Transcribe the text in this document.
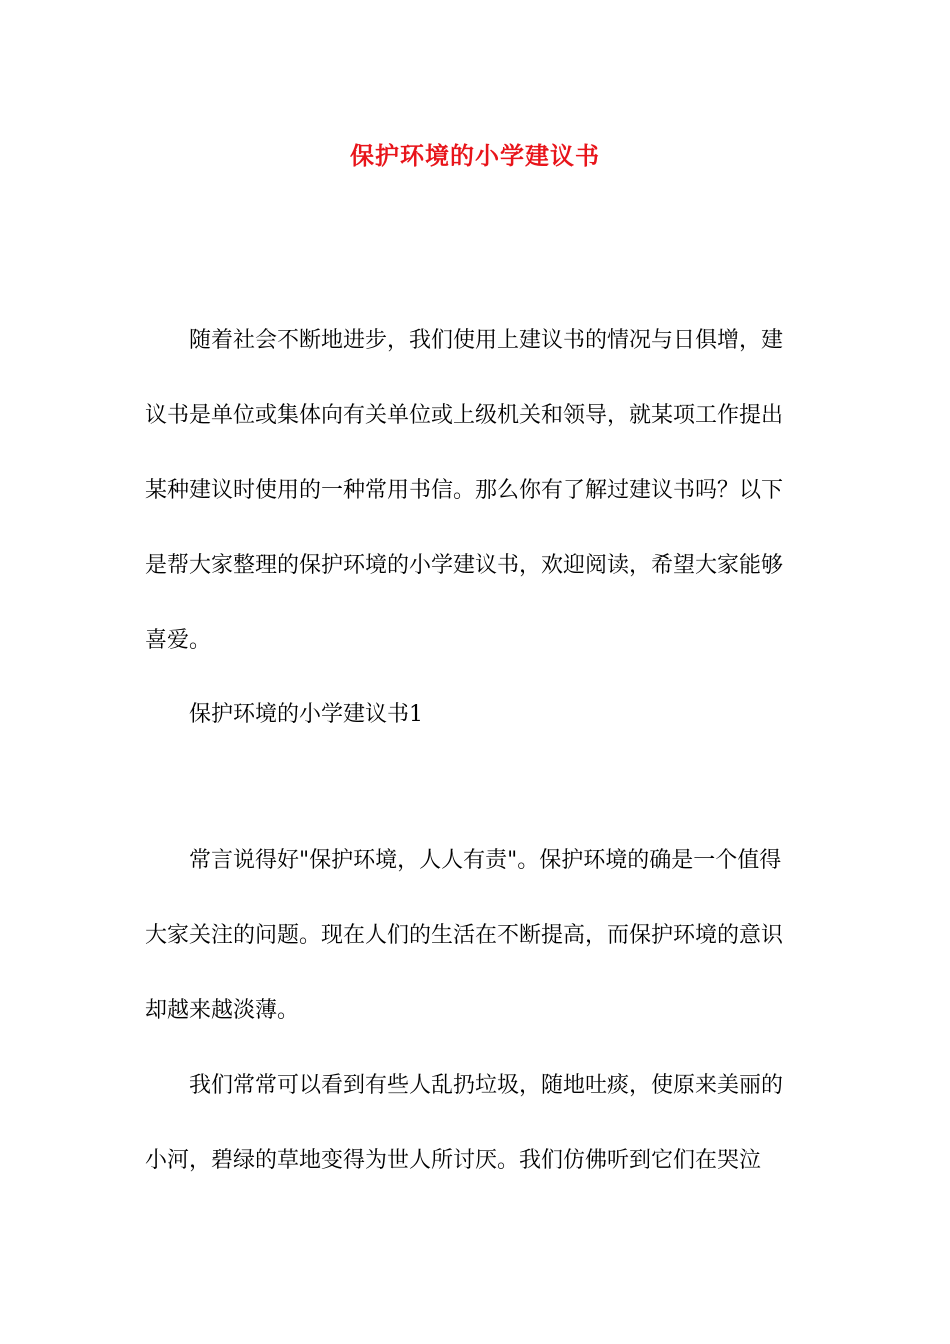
保护环境的小学建议书
随着社会不断地进步，我们使用上建议书的情况与日俱增，建
议书是单位或集体向有关单位或上级机关和领导，就某项工作提出
某种建议时使用的一种常用书信。那么你有了解过建议书吗？以下
是帮大家整理的保护环境的小学建议书，欢迎阅读，希望大家能够
喜爱。
保护环境的小学建议书1
常言说得好"保护环境，人人有责"。保护环境的确是一个值得
大家关注的问题。现在人们的生活在不断提高，而保护环境的意识
却越来越淡薄。
我们常常可以看到有些人乱扔垃圾，随地吐痰，使原来美丽的
小河，碧绿的草地变得为世人所讨厌。我们仿佛听到它们在哭泣
